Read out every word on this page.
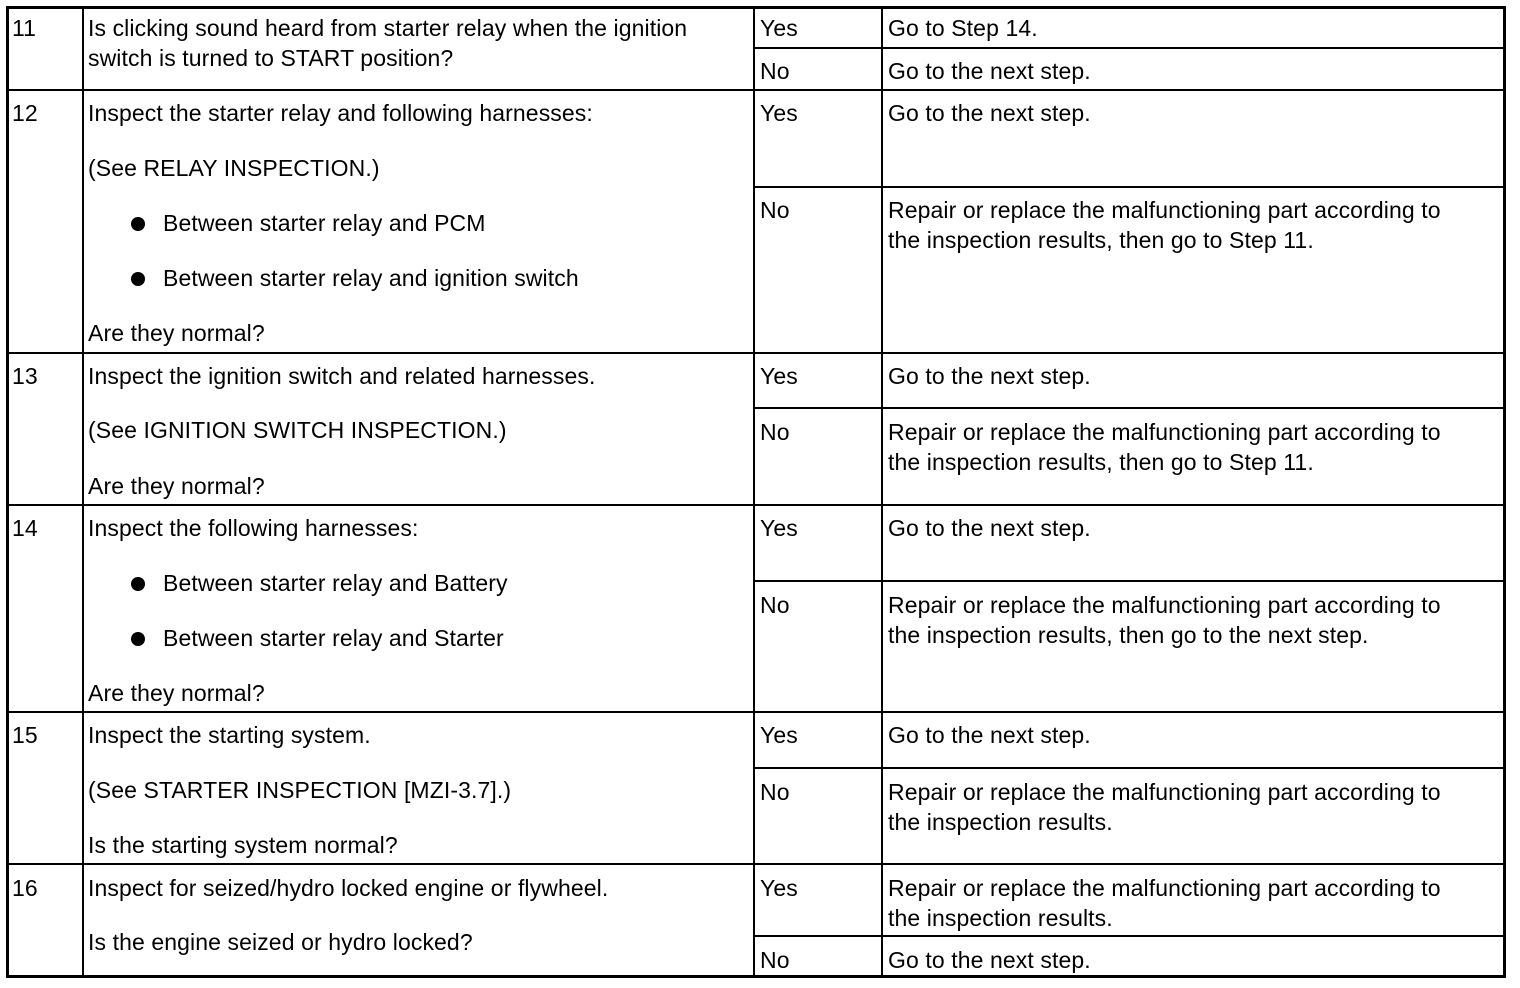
11 Is clicking sound heard from starter relay when the ignition
switch is turned to START position?
Yes	Go to Step 14.
No	Go to the next step.
12 Inspect the starter relay and following harnesses:
(See RELAY INSPECTION.)
Between starter relay and PCM
Between starter relay and ignition switch
Are they normal?
Yes	Go to the next step.
No	Repair or replace the malfunctioning part according to
the inspection results, then go to Step 11.
13 Inspect the ignition switch and related harnesses.
(See IGNITION SWITCH INSPECTION.)
Are they normal?
Yes	Go to the next step.
No	Repair or replace the malfunctioning part according to
the inspection results, then go to Step 11.
14 Inspect the following harnesses:
Between starter relay and Battery
Between starter relay and Starter
Are they normal?
Yes	Go to the next step.
No	Repair or replace the malfunctioning part according to
the inspection results, then go to the next step.
15 Inspect the starting system.
(See STARTER INSPECTION [MZI-3.7].)
Is the starting system normal?
Yes	Go to the next step.
No	Repair or replace the malfunctioning part according to
the inspection results.
16 Inspect for seized/hydro locked engine or flywheel.
Is the engine seized or hydro locked?
Yes	Repair or replace the malfunctioning part according to
the inspection results.
No	Go to the next step.
